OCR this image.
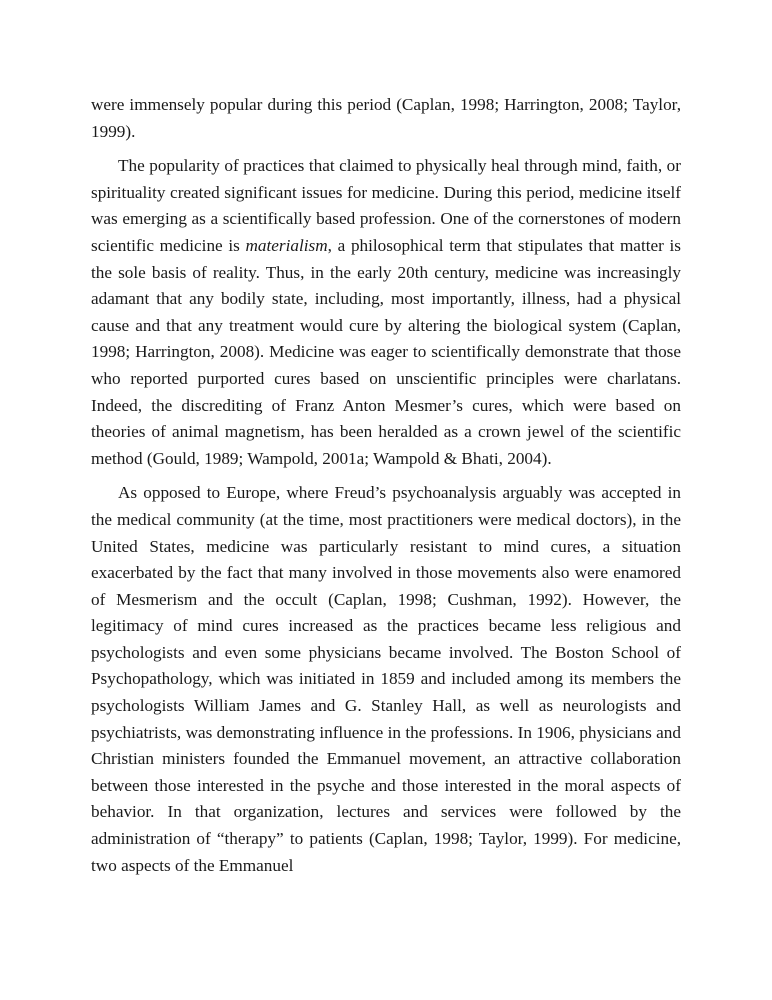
were immensely popular during this period (Caplan, 1998; Harrington, 2008; Taylor, 1999).

The popularity of practices that claimed to physically heal through mind, faith, or spirituality created significant issues for medicine. During this period, medicine itself was emerging as a scientifically based profession. One of the cornerstones of modern scientific medicine is materialism, a philosophical term that stipulates that matter is the sole basis of reality. Thus, in the early 20th century, medicine was increasingly adamant that any bodily state, including, most importantly, illness, had a physical cause and that any treatment would cure by altering the biological system (Caplan, 1998; Harrington, 2008). Medicine was eager to scientifically demonstrate that those who reported purported cures based on unscientific principles were charlatans. Indeed, the discrediting of Franz Anton Mesmer’s cures, which were based on theories of animal magnetism, has been heralded as a crown jewel of the scientific method (Gould, 1989; Wampold, 2001a; Wampold & Bhati, 2004).

As opposed to Europe, where Freud’s psychoanalysis arguably was accepted in the medical community (at the time, most practitioners were medical doctors), in the United States, medicine was particularly resistant to mind cures, a situation exacerbated by the fact that many involved in those movements also were enamored of Mesmerism and the occult (Caplan, 1998; Cushman, 1992). However, the legitimacy of mind cures increased as the practices became less religious and psychologists and even some physicians became involved. The Boston School of Psychopathology, which was initiated in 1859 and included among its members the psychologists William James and G. Stanley Hall, as well as neurologists and psychiatrists, was demonstrating influence in the professions. In 1906, physicians and Christian ministers founded the Emmanuel movement, an attractive collaboration between those interested in the psyche and those interested in the moral aspects of behavior. In that organization, lectures and services were followed by the administration of “therapy” to patients (Caplan, 1998; Taylor, 1999). For medicine, two aspects of the Emmanuel
